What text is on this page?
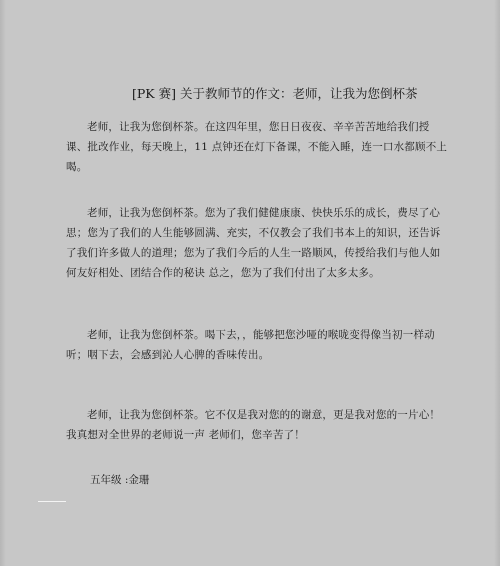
[PK 赛] 关于教师节的作文：老师，让我为您倒杯茶

老师，让我为您倒杯茶。在这四年里，您日日夜夜、辛辛苦苦地给我们授课、批改作业，每天晚上，11 点钟还在灯下备课，不能入睡，连一口水都顾不上喝。

老师，让我为您倒杯茶。您为了我们健健康康、快快乐乐的成长，费尽了心思；您为了我们的人生能够圆满、充实，不仅教会了我们书本上的知识，还告诉了我们许多做人的道理；您为了我们今后的人生一路顺风，传授给我们与他人如何友好相处、团结合作的秘诀 总之，您为了我们付出了太多太多。

老师，让我为您倒杯茶。喝下去，，能够把您沙哑的喉咙变得像当初一样动听；咽下去，会感到沁人心脾的香味传出。

老师，让我为您倒杯茶。它不仅是我对您的的谢意，更是我对您的一片心！我真想对全世界的老师说一声 老师们，您辛苦了！

五年级 :金珊
